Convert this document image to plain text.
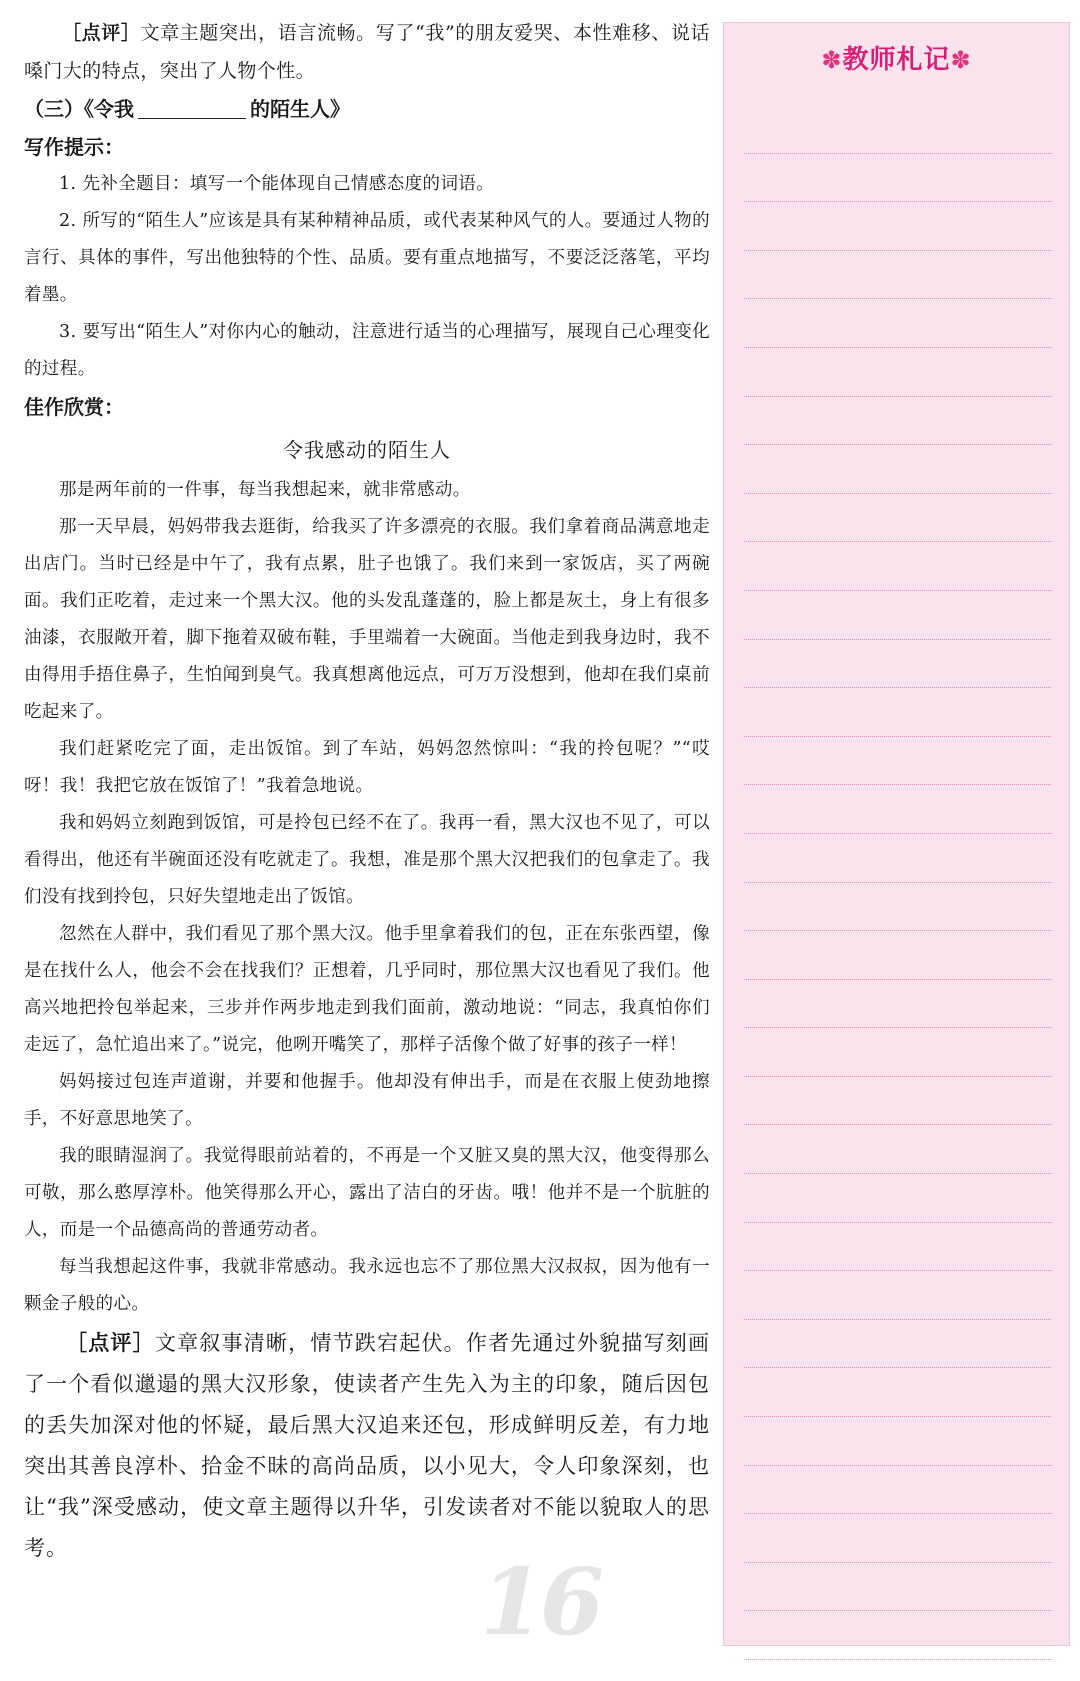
16

［点评］文章主题突出，语言流畅。写了“我”的朋友爱哭、本性难移、说话嗓门大的特点，突出了人物个性。

（三）《令我	的陌生人》

写作提示：

1. 先补全题目：填写一个能体现自己情感态度的词语。

2. 所写的“陌生人”应该是具有某种精神品质，或代表某种风气的人。要通过人物的言行、具体的事件，写出他独特的个性、品质。要有重点地描写，不要泛泛落笔，平均着墨。

3. 要写出“陌生人”对你内心的触动，注意进行适当的心理描写，展现自己心理变化的过程。

佳作欣赏：

令我感动的陌生人

那是两年前的一件事，每当我想起来，就非常感动。

那一天早晨，妈妈带我去逛街，给我买了许多漂亮的衣服。我们拿着商品满意地走出店门。当时已经是中午了，我有点累，肚子也饿了。我们来到一家饭店，买了两碗面。我们正吃着，走过来一个黑大汉。他的头发乱蓬蓬的，脸上都是灰土，身上有很多油漆，衣服敞开着，脚下拖着双破布鞋，手里端着一大碗面。当他走到我身边时，我不由得用手捂住鼻子，生怕闻到臭气。我真想离他远点，可万万没想到，他却在我们桌前吃起来了。

我们赶紧吃完了面，走出饭馆。到了车站，妈妈忽然惊叫：“我的拎包呢？”“哎呀！我！我把它放在饭馆了！”我着急地说。

我和妈妈立刻跑到饭馆，可是拎包已经不在了。我再一看，黑大汉也不见了，可以看得出，他还有半碗面还没有吃就走了。我想，准是那个黑大汉把我们的包拿走了。我们没有找到拎包，只好失望地走出了饭馆。

忽然在人群中，我们看见了那个黑大汉。他手里拿着我们的包，正在东张西望，像是在找什么人，他会不会在找我们？正想着，几乎同时，那位黑大汉也看见了我们。他高兴地把拎包举起来，三步并作两步地走到我们面前，激动地说：“同志，我真怕你们走远了，急忙追出来了。”说完，他咧开嘴笑了，那样子活像个做了好事的孩子一样！

妈妈接过包连声道谢，并要和他握手。他却没有伸出手，而是在衣服上使劲地擦手，不好意思地笑了。

我的眼睛湿润了。我觉得眼前站着的，不再是一个又脏又臭的黑大汉，他变得那么可敬，那么憨厚淳朴。他笑得那么开心，露出了洁白的牙齿。哦！他并不是一个肮脏的人，而是一个品德高尚的普通劳动者。

每当我想起这件事，我就非常感动。我永远也忘不了那位黑大汉叔叔，因为他有一颗金子般的心。

［点评］文章叙事清晰，情节跌宕起伏。作者先通过外貌描写刻画了一个看似邋遢的黑大汉形象，使读者产生先入为主的印象，随后因包的丢失加深对他的怀疑，最后黑大汉追来还包，形成鲜明反差，有力地突出其善良淳朴、拾金不昧的高尚品质，以小见大，令人印象深刻，也让“我”深受感动，使文章主题得以升华，引发读者对不能以貌取人的思考。

✽教师札记✽
